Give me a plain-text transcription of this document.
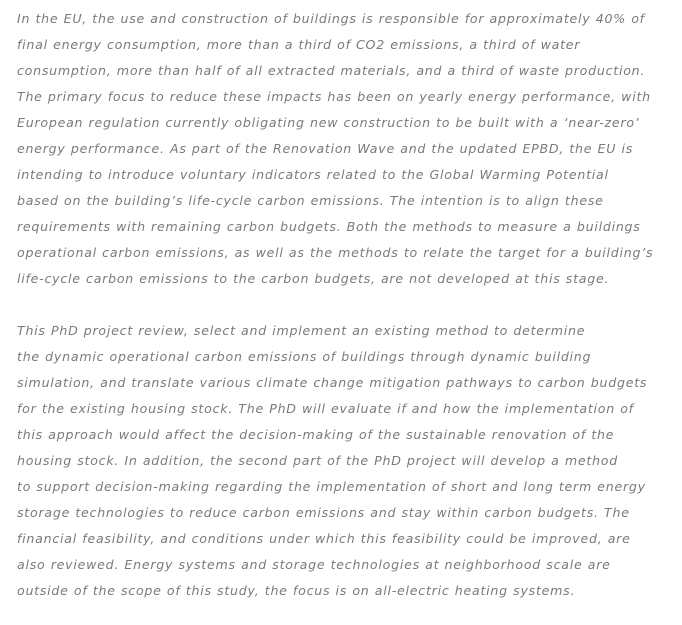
In the EU, the use and construction of buildings is responsible for approximately 40% of
final energy consumption, more than a third of CO2 emissions, a third of water
consumption, more than half of all extracted materials, and a third of waste production.
The primary focus to reduce these impacts has been on yearly energy performance, with
European regulation currently obligating new construction to be built with a ‘near-zero’
energy performance. As part of the Renovation Wave and the updated EPBD, the EU is
intending to introduce voluntary indicators related to the Global Warming Potential
based on the building’s life-cycle carbon emissions. The intention is to align these
requirements with remaining carbon budgets. Both the methods to measure a buildings
operational carbon emissions, as well as the methods to relate the target for a building’s
life-cycle carbon emissions to the carbon budgets, are not developed at this stage.

This PhD project review, select and implement an existing method to determine
the dynamic operational carbon emissions of buildings through dynamic building
simulation, and translate various climate change mitigation pathways to carbon budgets
for the existing housing stock. The PhD will evaluate if and how the implementation of
this approach would affect the decision-making of the sustainable renovation of the
housing stock. In addition, the second part of the PhD project will develop a method
to support decision-making regarding the implementation of short and long term energy
storage technologies to reduce carbon emissions and stay within carbon budgets. The
financial feasibility, and conditions under which this feasibility could be improved, are
also reviewed. Energy systems and storage technologies at neighborhood scale are
outside of the scope of this study, the focus is on all-electric heating systems.
